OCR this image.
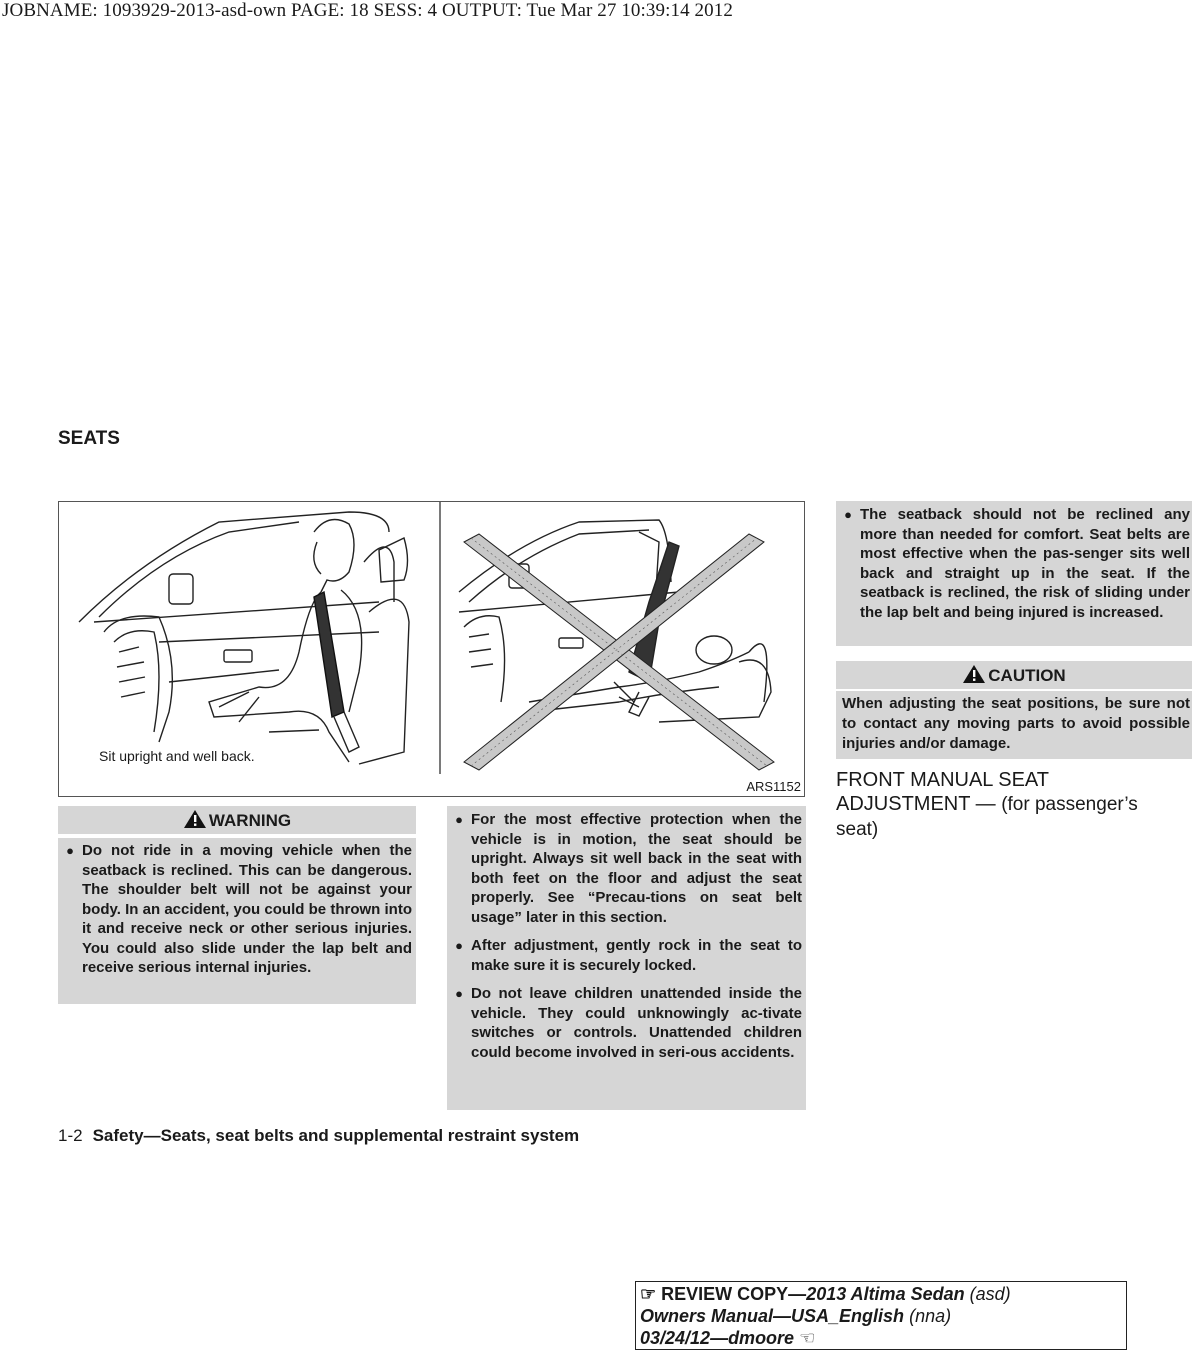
JOBNAME: 1093929-2013-asd-own PAGE: 18 SESS: 4 OUTPUT: Tue Mar 27 10:39:14 2012
SEATS
Sit upright and well back.
ARS1152
WARNING
● Do not ride in a moving vehicle when the seatback is reclined. This can be dangerous. The shoulder belt will not be against your body. In an accident, you could be thrown into it and receive neck or other serious injuries. You could also slide under the lap belt and receive serious internal injuries.
● For the most effective protection when the vehicle is in motion, the seat should be upright. Always sit well back in the seat with both feet on the floor and adjust the seat properly. See “Precau-tions on seat belt usage” later in this section.
● After adjustment, gently rock in the seat to make sure it is securely locked.
● Do not leave children unattended inside the vehicle. They could unknowingly ac-tivate switches or controls. Unattended children could become involved in seri-ous accidents.
● The seatback should not be reclined any more than needed for comfort. Seat belts are most effective when the pas-senger sits well back and straight up in the seat. If the seatback is reclined, the risk of sliding under the lap belt and being injured is increased.
CAUTION
When adjusting the seat positions, be sure not to contact any moving parts to avoid possible injuries and/or damage.
FRONT MANUAL SEAT ADJUSTMENT — (for passenger’s seat)
1-2 Safety—Seats, seat belts and supplemental restraint system
☞ REVIEW COPY—2013 Altima Sedan (asd)
Owners Manual—USA_English (nna)
03/24/12—dmoore ☜
